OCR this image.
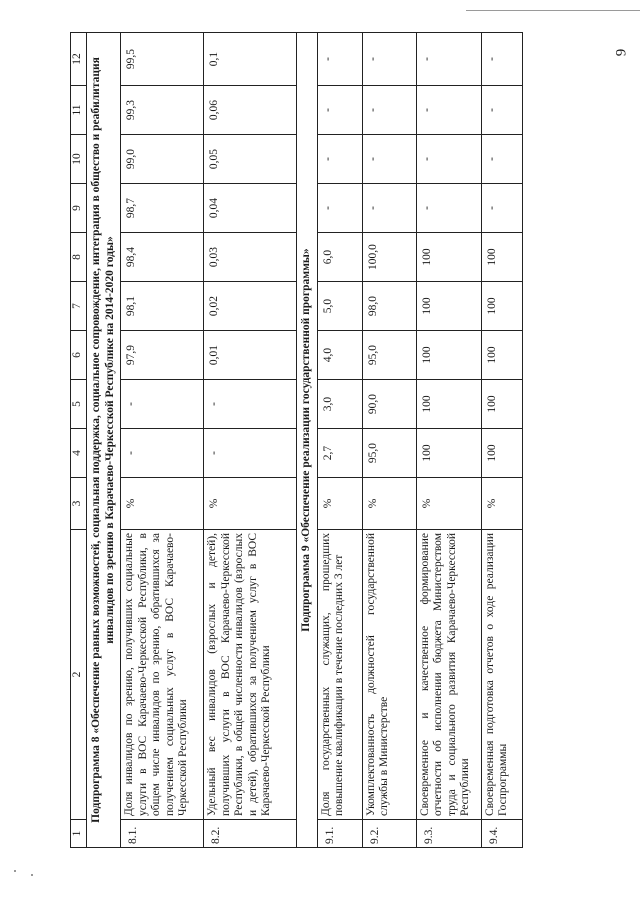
9
1	2	3	4	5	6	7	8	9	10	11	12
Подпрограмма 8 «Обеспечение равных возможностей, социальная поддержка, социальное сопровождение, интеграция в общество и реабилитация инвалидов по зрению в Карачаево-Черкесской Республике на 2014-2020 годы»											
8.1.	Доля инвалидов по зрению, получивших социальные услуги в ВОС Карачаево-Черкесской Республики, в общем числе инвалидов по зрению, обратившихся за получением социальных услуг в ВОС Карачаево-Черкесской Республики	%	-	-	97,9	98,1	98,4	98,7	99,0	99,3	99,5
8.2.	Удельный вес инвалидов (взрослых и детей), получивших услуги в ВОС Карачаево-Черкесской Республики, в общей численности инвалидов (взрослых и детей), обратившихся за получением услуг в ВОС Карачаево-Черкесской Республики	%	-	-	0,01	0,02	0,03	0,04	0,05	0,06	0,1
Подпрограмма 9 «Обеспечение реализации государственной программы»											
9.1.	Доля государственных служащих, прошедших повышение квалификации в течение последних 3 лет	%	2,7	3,0	4,0	5,0	6,0	-	-	-	-
9.2.	Укомплектованность должностей государственной службы в Министерстве	%	95,0	90,0	95,0	98,0	100,0	-	-	-	-
9.3.	Своевременное и качественное формирование отчетности об исполнении бюджета Министерством труда и социального развития Карачаево-Черкесской Республики	%	100	100	100	100	100	-	-	-	-
9.4.	Своевременная подготовка отчетов о ходе реализации Госпрограммы	%	100	100	100	100	100	-	-	-	-
